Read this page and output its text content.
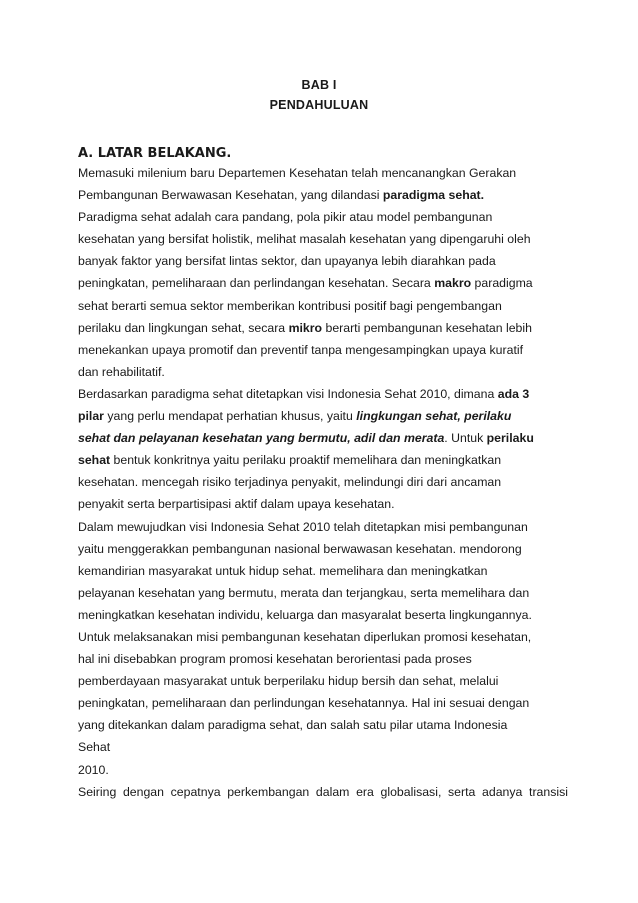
BAB I
PENDAHULUAN
A. LATAR BELAKANG.
Memasuki milenium baru Departemen Kesehatan telah mencanangkan Gerakan
Pembangunan Berwawasan Kesehatan, yang dilandasi paradigma sehat.
Paradigma sehat adalah cara pandang, pola pikir atau model pembangunan
kesehatan yang bersifat holistik, melihat masalah kesehatan yang dipengaruhi oleh
banyak faktor yang bersifat lintas sektor, dan upayanya lebih diarahkan pada
peningkatan, pemeliharaan dan perlindangan kesehatan. Secara makro paradigma
sehat berarti semua sektor memberikan kontribusi positif bagi pengembangan
perilaku dan lingkungan sehat, secara mikro berarti pembangunan kesehatan lebih
menekankan upaya promotif dan preventif tanpa mengesampingkan upaya kuratif
dan rehabilitatif.
Berdasarkan paradigma sehat ditetapkan visi Indonesia Sehat 2010, dimana ada 3
pilar yang perlu mendapat perhatian khusus, yaitu lingkungan sehat, perilaku
sehat dan pelayanan kesehatan yang bermutu, adil dan merata. Untuk perilaku
sehat bentuk konkritnya yaitu perilaku proaktif memelihara dan meningkatkan
kesehatan. mencegah risiko terjadinya penyakit, melindungi diri dari ancaman
penyakit serta berpartisipasi aktif dalam upaya kesehatan.
Dalam mewujudkan visi Indonesia Sehat 2010 telah ditetapkan misi pembangunan
yaitu menggerakkan pembangunan nasional berwawasan kesehatan. mendorong
kemandirian masyarakat untuk hidup sehat. memelihara dan meningkatkan
pelayanan kesehatan yang bermutu, merata dan terjangkau, serta memelihara dan
meningkatkan kesehatan individu, keluarga dan masyaralat beserta lingkungannya.
Untuk melaksanakan misi pembangunan kesehatan diperlukan promosi kesehatan,
hal ini disebabkan program promosi kesehatan berorientasi pada proses
pemberdayaan masyarakat untuk berperilaku hidup bersih dan sehat, melalui
peningkatan, pemeliharaan dan perlindungan kesehatannya. Hal ini sesuai dengan
yang ditekankan dalam paradigma sehat, dan salah satu pilar utama Indonesia
Sehat
2010.
Seiring dengan cepatnya perkembangan dalam era globalisasi, serta adanya transisi
